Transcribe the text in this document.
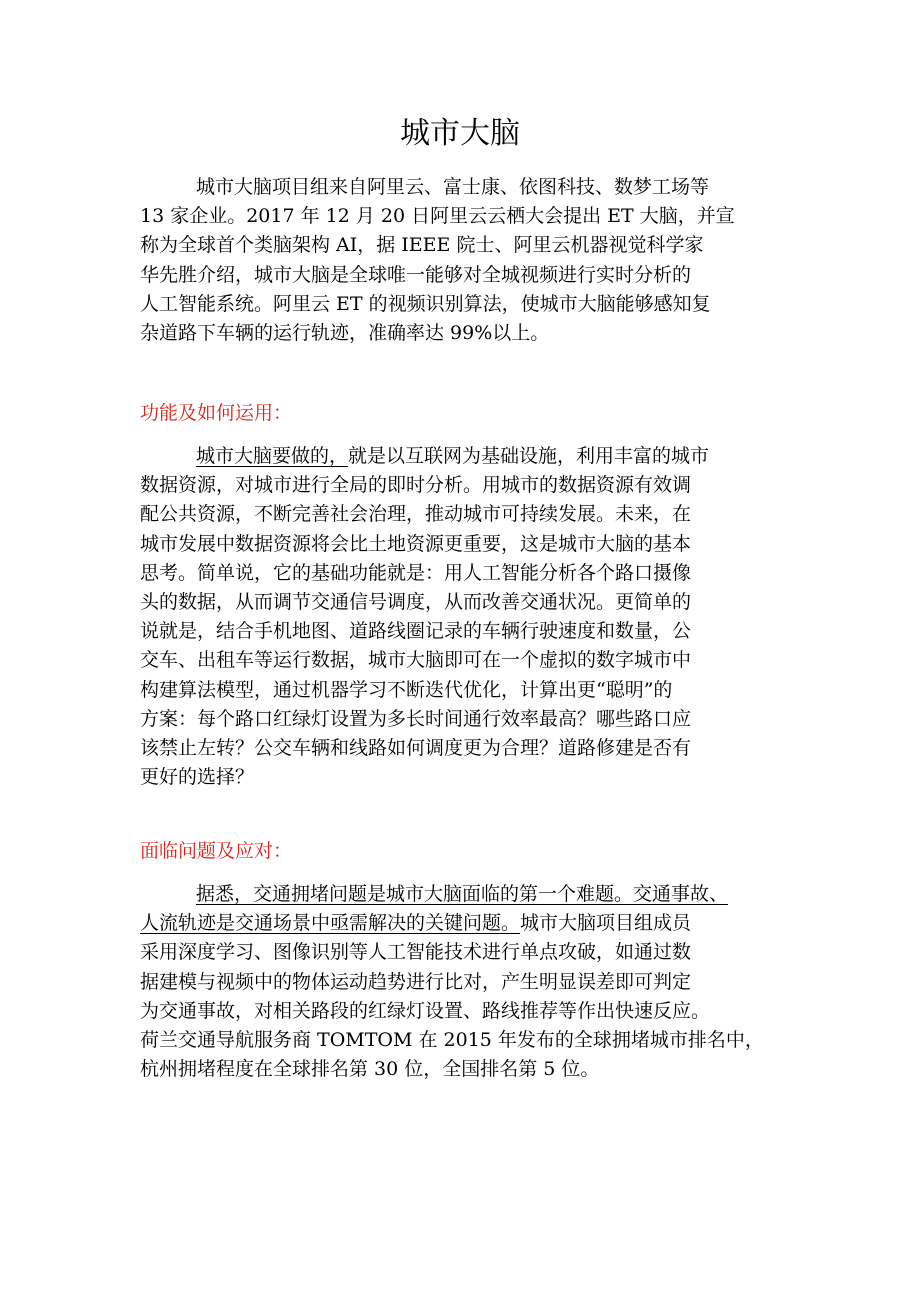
城市大脑
城市大脑项目组来自阿里云、富士康、依图科技、数梦工场等
13 家企业。2017 年 12 月 20 日阿里云云栖大会提出 ET 大脑，并宣
称为全球首个类脑架构 AI，据 IEEE 院士、阿里云机器视觉科学家
华先胜介绍，城市大脑是全球唯一能够对全城视频进行实时分析的
人工智能系统。阿里云 ET 的视频识别算法，使城市大脑能够感知复
杂道路下车辆的运行轨迹，准确率达 99%以上。
功能及如何运用：
城市大脑要做的，就是以互联网为基础设施，利用丰富的城市
数据资源，对城市进行全局的即时分析。用城市的数据资源有效调
配公共资源，不断完善社会治理，推动城市可持续发展。未来，在
城市发展中数据资源将会比土地资源更重要，这是城市大脑的基本
思考。简单说，它的基础功能就是：用人工智能分析各个路口摄像
头的数据，从而调节交通信号调度，从而改善交通状况。更简单的
说就是，结合手机地图、道路线圈记录的车辆行驶速度和数量，公
交车、出租车等运行数据，城市大脑即可在一个虚拟的数字城市中
构建算法模型，通过机器学习不断迭代优化，计算出更“聪明”的
方案：每个路口红绿灯设置为多长时间通行效率最高？哪些路口应
该禁止左转？公交车辆和线路如何调度更为合理？道路修建是否有
更好的选择？
面临问题及应对：
据悉，交通拥堵问题是城市大脑面临的第一个难题。交通事故、
人流轨迹是交通场景中亟需解决的关键问题。城市大脑项目组成员
采用深度学习、图像识别等人工智能技术进行单点攻破，如通过数
据建模与视频中的物体运动趋势进行比对，产生明显误差即可判定
为交通事故，对相关路段的红绿灯设置、路线推荐等作出快速反应。
荷兰交通导航服务商 TOMTOM 在 2015 年发布的全球拥堵城市排名中，
杭州拥堵程度在全球排名第 30 位，全国排名第 5 位。
